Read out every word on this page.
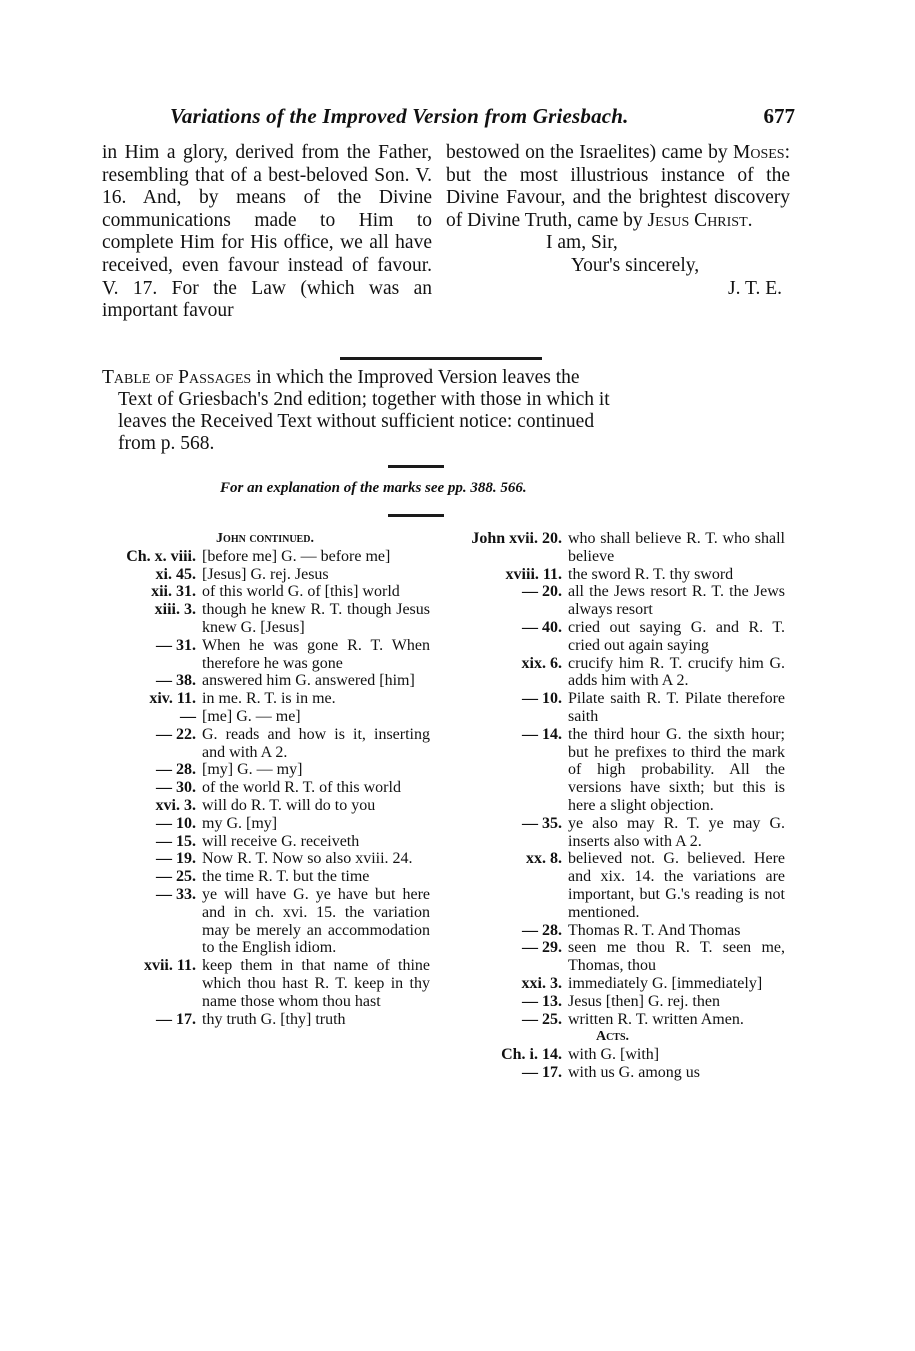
Variations of the Improved Version from Griesbach.	677

in Him a glory, derived from the Father, resembling that of a best-beloved Son. V. 16. And, by means of the Divine communications made to Him to complete Him for His office, we all have received, even favour instead of favour. V. 17. For the Law (which was an important favour

bestowed on the Israelites) came by Moses: but the most illustrious instance of the Divine Favour, and the brightest discovery of Divine Truth, came by Jesus Christ.

I am, Sir,

Your's sincerely,

J. T. E.

Table of Passages in which the Improved Version leaves the
Text of Griesbach's 2nd edition; together with those in which it
leaves the Received Text without sufficient notice: continued
from p. 568.
For an explanation of the marks see pp. 388. 566.
John continued.
Ch. x. viii. [before me] G. — before me]
xi. 45. [Jesus] G. rej. Jesus
xii. 31. of this world G. of [this] world
xiii. 3. though he knew R. T. though Jesus knew G. [Jesus]
— 31. When he was gone R. T. When therefore he was gone
— 38. answered him G. answered [him]
xiv. 11. in me. R. T. is in me.
— [me] G. — me]
— 22. G. reads and how is it, inserting and with A 2.
— 28. [my] G. — my]
— 30. of the world R. T. of this world
xvi. 3. will do R. T. will do to you
— 10. my G. [my]
— 15. will receive G. receiveth
— 19. Now R. T. Now so also xviii. 24.
— 25. the time R. T. but the time
— 33. ye will have G. ye have but here and in ch. xvi. 15. the variation may be merely an accommodation to the English idiom.
xvii. 11. keep them in that name of thine which thou hast R. T. keep in thy name those whom thou hast
— 17. thy truth G. [thy] truth
John xvii. 20. who shall believe R. T. who shall believe
xviii. 11. the sword R. T. thy sword
— 20. all the Jews resort R. T. the Jews always resort
— 40. cried out saying G. and R. T. cried out again saying
xix. 6. crucify him R. T. crucify him G. adds him with A 2.
— 10. Pilate saith R. T. Pilate therefore saith
— 14. the third hour G. the sixth hour; but he prefixes to third the mark of high probability. All the versions have sixth; but this is here a slight objection.
— 35. ye also may R. T. ye may G. inserts also with A 2.
xx. 8. believed not. G. believed. Here and xix. 14. the variations are important, but G.'s reading is not mentioned.
— 28. Thomas R. T. And Thomas
— 29. seen me thou R. T. seen me, Thomas, thou
xxi. 3. immediately G. [immediately]
— 13. Jesus [then] G. rej. then
— 25. written R. T. written Amen.
Acts.
Ch. i. 14. with G. [with]
— 17. with us G. among us
